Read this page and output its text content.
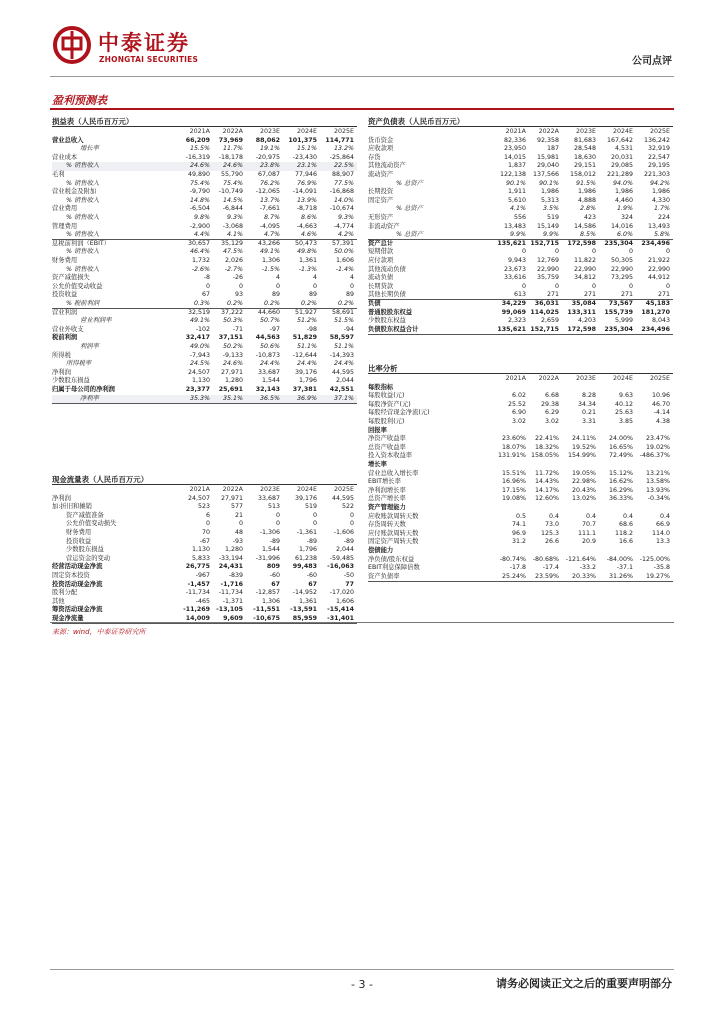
中泰证券
ZHONGTAI SECURITIES	公司点评
盈利预测表
损益表（人民币百万元）
2021A	2022A	2023E	2024E	2025E
营业总收入	66,209	73,969	88,062	101,375	114,771
增长率	15.5%	11.7%	19.1%	15.1%	13.2%
营业成本	-16,319	-18,178	-20,975	-23,430	-25,864
% 销售收入	24.6%	24.6%	23.8%	23.1%	22.5%
毛利	49,890	55,790	67,087	77,946	88,907
% 销售收入	75.4%	75.4%	76.2%	76.9%	77.5%
营业税金及附加	-9,790	-10,749	-12,065	-14,091	-16,868
% 销售收入	14.8%	14.5%	13.7%	13.9%	14.0%
营业费用	-6,504	-6,844	-7,661	-8,718	-10,674
% 销售收入	9.8%	9.3%	8.7%	8.6%	9.3%
管理费用	-2,900	-3,068	-4,095	-4,663	-4,774
% 销售收入	4.4%	4.1%	4.7%	4.6%	4.2%
息税前利润（EBIT）	30,657	35,129	43,266	50,473	57,391
% 销售收入	46.4%	47.5%	49.1%	49.8%	50.0%
财务费用	1,732	2,026	1,306	1,361	1,606
% 销售收入	-2.6%	-2.7%	-1.5%	-1.3%	-1.4%
资产减值损失	-8	-26	4	4	4
公允价值变动收益	0	0	0	0	0
投资收益	67	93	89	89	89
% 税前利润	0.3%	0.2%	0.2%	0.2%	0.2%
营业利润	32,519	37,222	44,660	51,927	58,691
营业利润率	49.1%	50.3%	50.7%	51.2%	51.5%
营业外收支	-102	-71	-97	-98	-94
税前利润	32,417	37,151	44,563	51,829	58,597
利润率	49.0%	50.2%	50.6%	51.1%	51.1%
所得税	-7,943	-9,133	-10,873	-12,644	-14,393
所得税率	24.5%	24.6%	24.4%	24.4%	24.4%
净利润	24,507	27,971	33,687	39,176	44,595
少数股东损益	1,130	1,280	1,544	1,796	2,044
归属于母公司的净利润	23,377	25,691	32,143	37,381	42,551
净利率	35.3%	35.1%	36.5%	36.9%	37.1%
资产负债表（人民币百万元）
2021A	2022A	2023E	2024E	2025E
货币资金	82,336	92,358	81,683	167,642	136,242
应收款项	23,950	187	28,548	4,531	32,919
存货	14,015	15,981	18,630	20,031	22,547
其他流动资产	1,837	29,040	29,151	29,085	29,195
流动资产	122,138	137,566	158,012	221,289	221,303
% 总资产	90.1%	90.1%	91.5%	94.0%	94.2%
长期投资	1,911	1,986	1,986	1,986	1,986
固定资产	5,610	5,313	4,888	4,460	4,330
% 总资产	4.1%	3.5%	2.8%	1.9%	1.7%
无形资产	556	519	423	324	224
非流动资产	13,483	15,149	14,586	14,016	13,493
% 总资产	9.9%	9.9%	8.5%	6.0%	5.8%
资产总计	135,621 152,715	172,598	235,304	234,496
短期借款	0	0	0	0	0
应付款项	9,943	12,769	11,822	50,305	21,922
其他流动负债	23,673	22,990	22,990	22,990	22,990
流动负债	33,616	35,759	34,812	73,295	44,912
长期贷款	0	0	0	0	0
其他长期负债	613	271	271	271	271
负债	34,229	36,031	35,084	73,567	45,183
普通股股东权益	99,069 114,025	133,311	155,739	181,270
少数股东权益	2,323	2,659	4,203	5,999	8,043
负债股东权益合计	135,621 152,715	172,598	235,304	234,496
比率分析
2021A	2022A	2023E	2024E	2025E
每股指标
每股收益(元)	6.02	6.68	8.28	9.63	10.96
每股净资产(元)	25.52	29.38	34.34	40.12	46.70
每股经营现金净流(元)	6.90	6.29	0.21	25.63	-4.14
每股股利(元)	3.02	3.02	3.31	3.85	4.38
回报率
净资产收益率	23.60%	22.41%	24.11%	24.00%	23.47%
总资产收益率	18.07%	18.32%	19.52%	16.65%	19.02%
投入资本收益率	131.91% 158.05%	154.99%	72.49%	-486.37%
增长率
营业总收入增长率	15.51%	11.72%	19.05%	15.12%	13.21%
EBIT增长率	16.96%	14.43%	22.98%	16.62%	13.58%
净利润增长率	17.15%	14.17%	20.43%	16.29%	13.93%
总资产增长率	19.08%	12.60%	13.02%	36.33%	-0.34%
资产管理能力
应收账款周转天数	0.5	0.4	0.4	0.4	0.4
存货周转天数	74.1	73.0	70.7	68.6	66.9
应付账款周转天数	96.9	125.3	111.1	118.2	114.0
固定资产周转天数	31.2	26.6	20.9	16.6	13.3
偿债能力
净负债/股东权益	-80.74%	-80.68%	-121.64%	-84.00%	-125.00%
EBIT利息保障倍数	-17.8	-17.4	-33.2	-37.1	-35.8
资产负债率	25.24%	23.59%	20.33%	31.26%	19.27%
现金流量表（人民币百万元）
2021A	2022A	2023E	2024E	2025E
净利润	24,507	27,971	33,687	39,176	44,595
加:折旧和摊销	523	577	513	519	522
资产减值准备	6	21	0	0	0
公允价值变动损失	0	0	0	0	0
财务费用	70	48	-1,306	-1,361	-1,606
投资收益	-67	-93	-89	-89	-89
少数股东损益	1,130	1,280	1,544	1,796	2,044
营运资金的变动	5,833	-33,194	-31,996	61,238	-59,485
经营活动现金净流	26,775	24,431	809	99,483	-16,063
固定资本投资	-967	-839	-60	-60	-50
投资活动现金净流	-1,457	-1,716	67	67	77
股利分配	-11,734	-11,734	-12,857	-14,952	-17,020
其他	-465	-1,371	1,306	1,361	1,606
筹资活动现金净流	-11,269 -13,105	-11,551	-13,591	-15,414
现金净流量	14,009	9,609	-10,675	85,959	-31,401
来源：wind，中泰证券研究所
- 3 -	请务必阅读正文之后的重要声明部分
